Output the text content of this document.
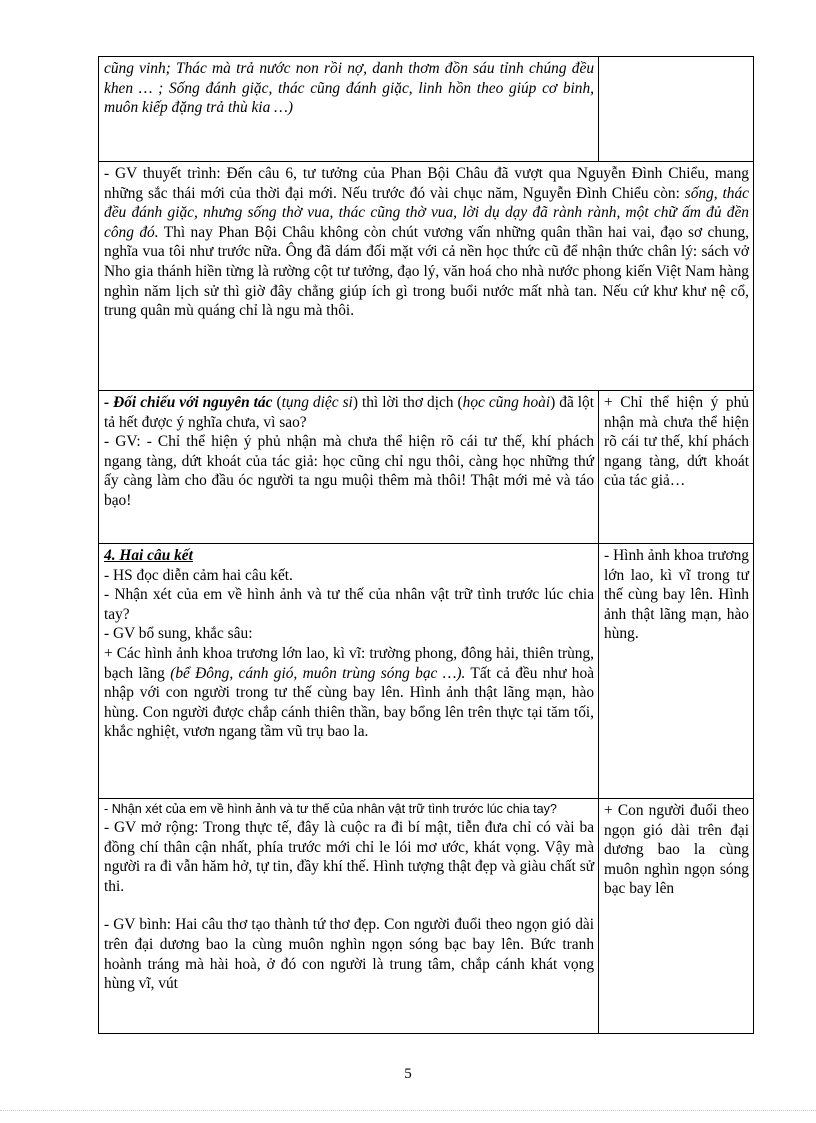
cũng vinh; Thác mà trả nước non rồi nợ, danh thơm đồn sáu tỉnh chúng đều khen … ; Sống đánh giặc, thác cũng đánh giặc, linh hồn theo giúp cơ binh, muôn kiếp đặng trả thù kia …)	

- GV thuyết trình: Đến câu 6, tư tưởng của Phan Bội Châu đã vượt qua Nguyễn Đình Chiểu, mang những sắc thái mới của thời đại mới. Nếu trước đó vài chục năm, Nguyễn Đình Chiểu còn: sống, thác đều đánh giặc, nhưng sống thờ vua, thác cũng thờ vua, lời dụ dạy đã rành rành, một chữ ấm đủ đền công đó. Thì nay Phan Bội Châu không còn chút vương vấn những quân thần hai vai, đạo sơ chung, nghĩa vua tôi như trước nữa. Ông đã dám đối mặt với cả nền học thức cũ để nhận thức chân lý: sách vở Nho gia thánh hiền từng là rường cột tư tưởng, đạo lý, văn hoá cho nhà nước phong kiến Việt Nam hàng nghìn năm lịch sử thì giờ đây chẳng giúp ích gì trong buổi nước mất nhà tan. Nếu cứ khư khư nệ cổ, trung quân mù quáng chỉ là ngu mà thôi.	

- Đối chiếu với nguyên tác (tụng diệc si) thì lời thơ dịch (học cũng hoài) đã lột tả hết được ý nghĩa chưa, vì sao?

- GV: - Chỉ thể hiện ý phủ nhận mà chưa thể hiện rõ cái tư thế, khí phách ngang tàng, dứt khoát của tác giả: học cũng chỉ ngu thôi, càng học những thứ ấy càng làm cho đầu óc người ta ngu muội thêm mà thôi! Thật mới mẻ và táo bạo!	+ Chỉ thể hiện ý phủ nhận mà chưa thể hiện rõ cái tư thế, khí phách ngang tàng, dứt khoát của tác giả…

4. Hai câu kết

- HS đọc diễn cảm hai câu kết.

- Nhận xét của em về hình ảnh và tư thế của nhân vật trữ tình trước lúc chia tay?

- GV bổ sung, khắc sâu:

+ Các hình ảnh khoa trương lớn lao, kì vĩ: trường phong, đông hải, thiên trùng, bạch lãng (bể Đông, cánh gió, muôn trùng sóng bạc …). Tất cả đều như hoà nhập với con người trong tư thế cùng bay lên. Hình ảnh thật lãng mạn, hào hùng. Con người được chắp cánh thiên thần, bay bổng lên trên thực tại tăm tối, khắc nghiệt, vươn ngang tầm vũ trụ bao la.	- Hình ảnh khoa trương lớn lao, kì vĩ trong tư thế cùng bay lên. Hình ảnh thật lãng mạn, hào hùng.

- Nhận xét của em về hình ảnh và tư thế của nhân vật trữ tình trước lúc chia tay?

- GV mở rộng: Trong thực tế, đây là cuộc ra đi bí mật, tiễn đưa chỉ có vài ba đồng chí thân cận nhất, phía trước mới chỉ le lói mơ ước, khát vọng. Vậy mà người ra đi vẫn hăm hở, tự tin, đầy khí thế. Hình tượng thật đẹp và giàu chất sử thi.

- GV bình: Hai câu thơ tạo thành tứ thơ đẹp. Con người đuổi theo ngọn gió dài trên đại dương bao la cùng muôn nghìn ngọn sóng bạc bay lên. Bức tranh hoành tráng mà hài hoà, ở đó con người là trung tâm, chắp cánh khát vọng hùng vĩ, vút	+ Con người đuổi theo ngọn gió dài trên đại dương bao la cùng muôn nghìn ngọn sóng bạc bay lên

5
